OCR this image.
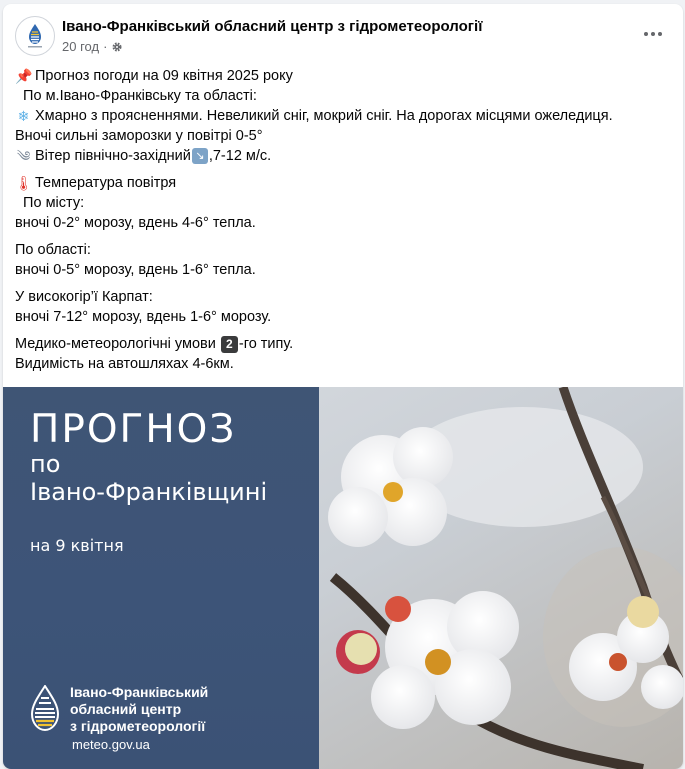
Івано-Франківський обласний центр з гідрометеорології
20 год ·
📌 Прогноз погоди на 09 квітня 2025 року
По м.Івано-Франківську та області:
❄ Хмарно з проясненнями. Невеликий сніг, мокрий сніг. На дорогах місцями ожеледиця.
Вночі сильні заморозки у повітрі 0-5°
༄ Вітер північно-західний ↘ ,7-12 м/с.
🌡 Температура повітря
По місту:
вночі 0-2° морозу, вдень 4-6° тепла.
По області:
вночі 0-5° морозу, вдень 1-6° тепла.
У високогір’ї Карпат:
вночі 7-12° морозу, вдень 1-6° морозу.
Медико-метеорологічні умови 2 -го типу.
Видимість на автошляхах 4-6км.
ПРОГНОЗ
по
Івано-Франківщині
на 9 квітня
Івано-Франківський
обласний центр
з гідрометеорології
meteo.gov.ua
